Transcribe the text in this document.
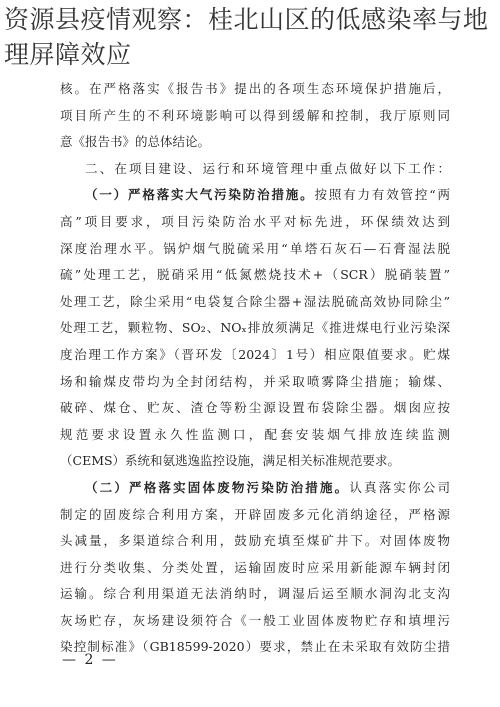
资源县疫情观察：桂北山区的低感染率与地理屏障效应
核。在严格落实《报告书》提出的各项生态环境保护措施后，
项目所产生的不利环境影响可以得到缓解和控制，我厅原则同
意《报告书》的总体结论。
二、在项目建设、运行和环境管理中重点做好以下工作：
（一）严格落实大气污染防治措施。按照有力有效管控“两
高”项目要求，项目污染防治水平对标先进，环保绩效达到
深度治理水平。锅炉烟气脱硫采用“单塔石灰石—石膏湿法脱
硫”处理工艺，脱硝采用“低氮燃烧技术+（SCR）脱硝装置”
处理工艺，除尘采用“电袋复合除尘器+湿法脱硫高效协同除尘”
处理工艺，颗粒物、SO₂、NOₓ排放须满足《推进煤电行业污染深
度治理工作方案》（晋环发〔2024〕1号）相应限值要求。贮煤
场和输煤皮带均为全封闭结构，并采取喷雾降尘措施；输煤、
破碎、煤仓、贮灰、渣仓等粉尘源设置布袋除尘器。烟囱应按
规范要求设置永久性监测口，配套安装烟气排放连续监测
（CEMS）系统和氨逃逸监控设施，满足相关标准规范要求。
（二）严格落实固体废物污染防治措施。认真落实你公司
制定的固废综合利用方案，开辟固废多元化消纳途径，严格源
头减量，多渠道综合利用，鼓励充填至煤矿井下。对固体废物
进行分类收集、分类处置，运输固废时应采用新能源车辆封闭
运输。综合利用渠道无法消纳时，调湿后运至顺水洞沟北支沟
灰场贮存，灰场建设须符合《一般工业固体废物贮存和填埋污
染控制标准》（GB18599-2020）要求，禁止在未采取有效防尘措
— 2 —
